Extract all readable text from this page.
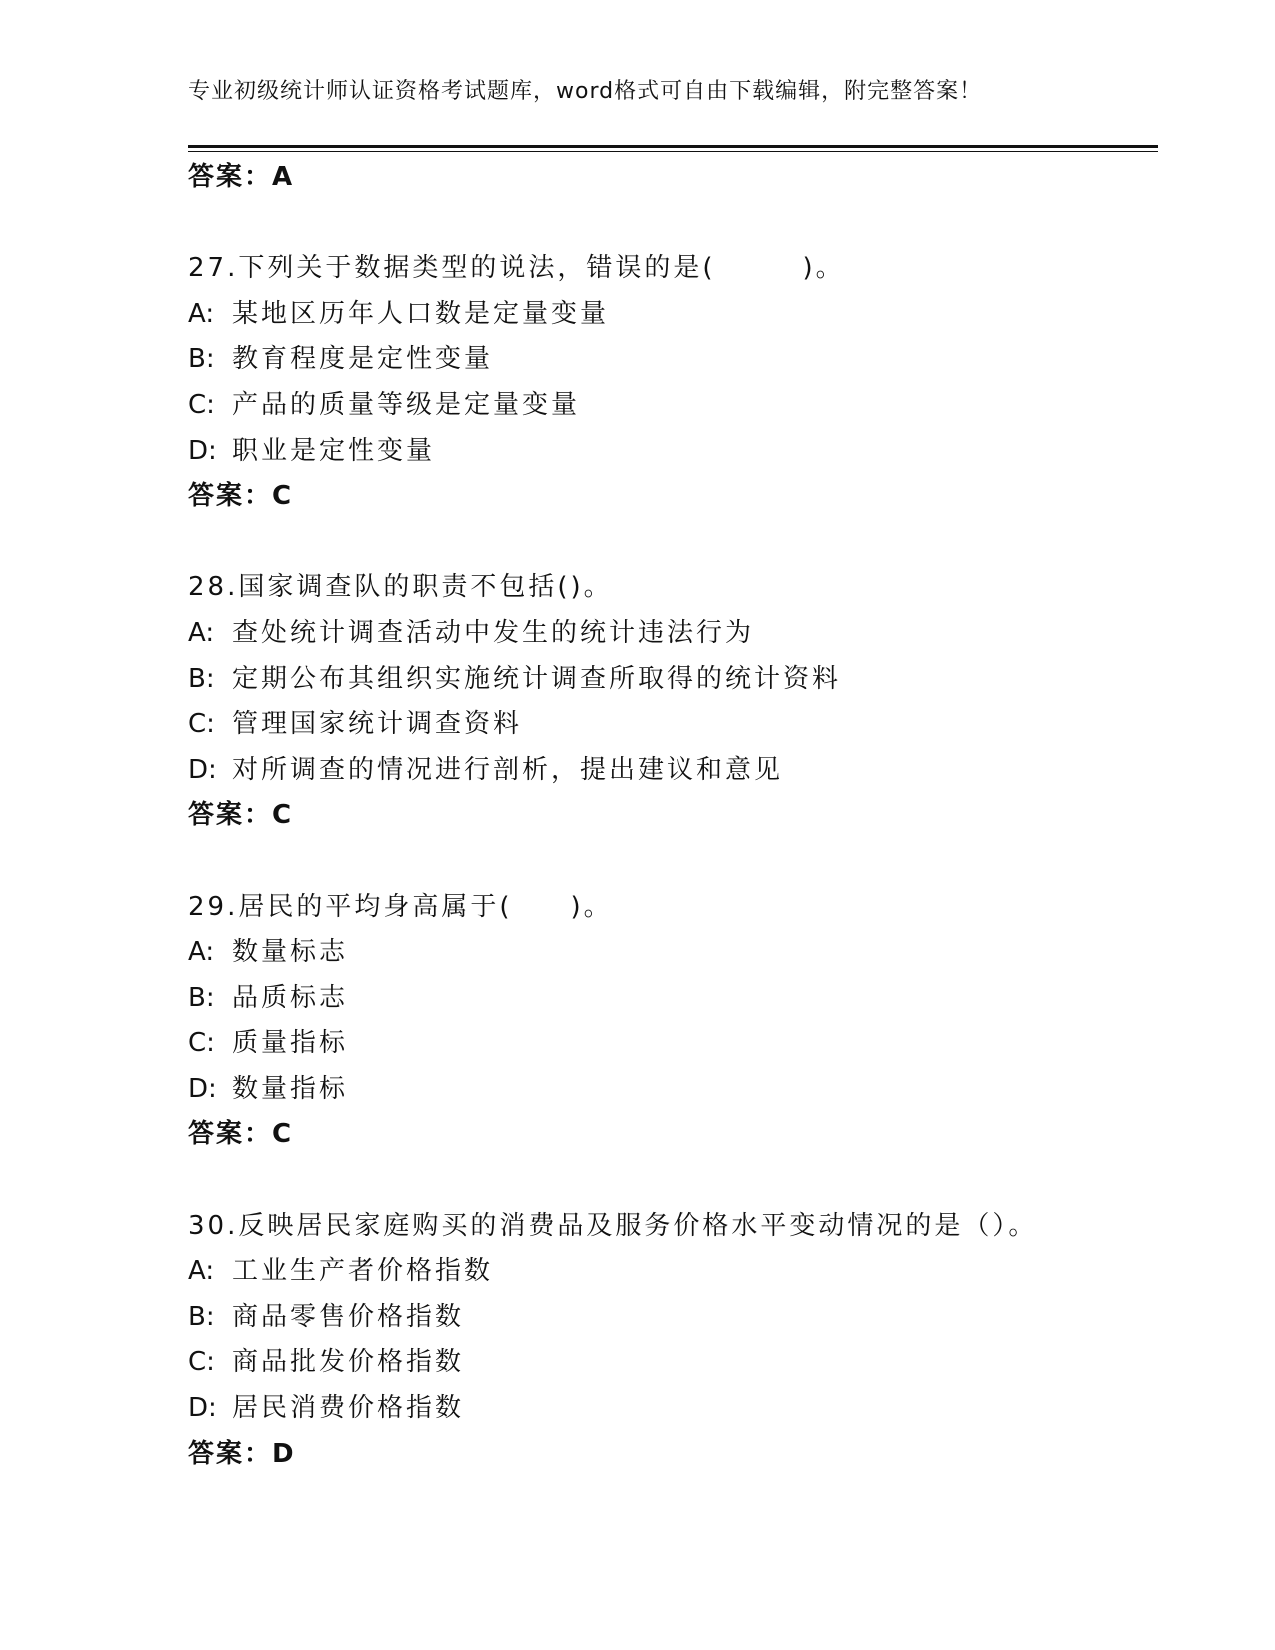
专业初级统计师认证资格考试题库，word格式可自由下载编辑，附完整答案！
答案：A
27.下列关于数据类型的说法，错误的是(　　　)。
A: 某地区历年人口数是定量变量
B: 教育程度是定性变量
C: 产品的质量等级是定量变量
D: 职业是定性变量
答案：C
28.国家调查队的职责不包括()。
A: 查处统计调查活动中发生的统计违法行为
B: 定期公布其组织实施统计调查所取得的统计资料
C: 管理国家统计调查资料
D: 对所调查的情况进行剖析，提出建议和意见
答案：C
29.居民的平均身高属于(　　)。
A: 数量标志
B: 品质标志
C: 质量指标
D: 数量指标
答案：C
30.反映居民家庭购买的消费品及服务价格水平变动情况的是（）。
A: 工业生产者价格指数
B: 商品零售价格指数
C: 商品批发价格指数
D: 居民消费价格指数
答案：D
